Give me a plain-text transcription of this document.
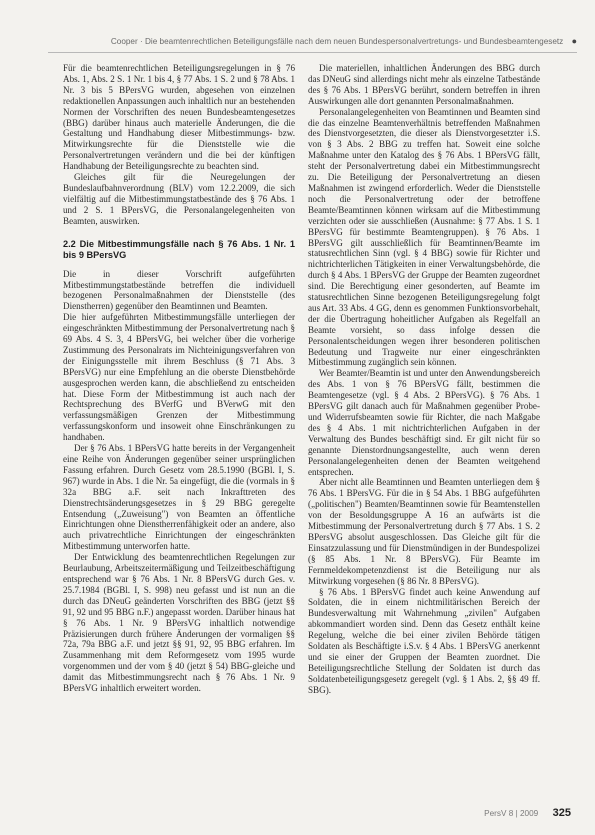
Cooper · Die beamtenrechtlichen Beteiligungsfälle nach dem neuen Bundespersonalvertretungs- und Bundesbeamtengesetz ●

Für die beamtenrechtlichen Beteiligungsregelungen in § 76 Abs. 1, Abs. 2 S. 1 Nr. 1 bis 4, § 77 Abs. 1 S. 2 und § 78 Abs. 1 Nr. 3 bis 5 BPersVG wurden, abgesehen von einzelnen redaktionellen Anpassungen auch inhaltlich nur an bestehenden Normen der Vorschriften des neuen Bundesbeamtengesetzes (BBG) darüber hinaus auch materielle Änderungen, die die Gestaltung und Handhabung dieser Mitbestimmungs- bzw. Mitwirkungsrechte für die Dienststelle wie die Personalvertretungen verändern und die bei der künftigen Handhabung der Beteiligungsrechte zu beachten sind.

Gleiches gilt für die Neuregelungen der Bundeslaufbahnverordnung (BLV) vom 12.2.2009, die sich vielfältig auf die Mitbestimmungstatbestände des § 76 Abs. 1 und 2 S. 1 BPersVG, die Personalangelegenheiten von Beamten, auswirken.

2.2 Die Mitbestimmungsfälle nach § 76 Abs. 1 Nr. 1 bis 9 BPersVG

Die in dieser Vorschrift aufgeführten Mitbestimmungstatbestände betreffen die individuell bezogenen Personalmaßnahmen der Dienststelle (des Dienstherren) gegenüber den Beamtinnen und Beamten.

Die hier aufgeführten Mitbestimmungsfälle unterliegen der eingeschränkten Mitbestimmung der Personalvertretung nach § 69 Abs. 4 S. 3, 4 BPersVG, bei welcher über die vorherige Zustimmung des Personalrats im Nichteinigungsverfahren von der Einigungsstelle mit ihrem Beschluss (§ 71 Abs. 3 BPersVG) nur eine Empfehlung an die oberste Dienstbehörde ausgesprochen werden kann, die abschließend zu entscheiden hat. Diese Form der Mitbestimmung ist auch nach der Rechtsprechung des BVerfG und BVerwG mit den verfassungsmäßigen Grenzen der Mitbestimmung verfassungskonform und insoweit ohne Einschränkungen zu handhaben.

Der § 76 Abs. 1 BPersVG hatte bereits in der Vergangenheit eine Reihe von Änderungen gegenüber seiner ursprünglichen Fassung erfahren. Durch Gesetz vom 28.5.1990 (BGBl. I, S. 967) wurde in Abs. 1 die Nr. 5a eingefügt, die die (vormals in § 32a BBG a.F. seit nach Inkrafttreten des Dienstrechtsänderungsgesetzes in § 29 BBG geregelte Entsendung („Zuweisung") von Beamten an öffentliche Einrichtungen ohne Dienstherrenfähigkeit oder an andere, also auch privatrechtliche Einrichtungen der eingeschränkten Mitbestimmung unterworfen hatte.

Der Entwicklung des beamtenrechtlichen Regelungen zur Beurlaubung, Arbeitszeitermäßigung und Teilzeitbeschäftigung entsprechend war § 76 Abs. 1 Nr. 8 BPersVG durch Ges. v. 25.7.1984 (BGBl. I, S. 998) neu gefasst und ist nun an die durch das DNeuG geänderten Vorschriften des BBG (jetzt §§ 91, 92 und 95 BBG n.F.) angepasst worden. Darüber hinaus hat § 76 Abs. 1 Nr. 9 BPersVG inhaltlich notwendige Präzisierungen durch frühere Änderungen der vormaligen §§ 72a, 79a BBG a.F. und jetzt §§ 91, 92, 95 BBG erfahren. Im Zusammenhang mit dem Reformgesetz vom 1995 wurde vorgenommen und der vom § 40 (jetzt § 54) BBG-gleiche und damit das Mitbestimmungsrecht nach § 76 Abs. 1 Nr. 9 BPersVG inhaltlich erweitert worden.

Die materiellen, inhaltlichen Änderungen des BBG durch das DNeuG sind allerdings nicht mehr als einzelne Tatbestände des § 76 Abs. 1 BPersVG berührt, sondern betreffen in ihren Auswirkungen alle dort genannten Personalmaßnahmen.

Personalangelegenheiten von Beamtinnen und Beamten sind die das einzelne Beamtenverhältnis betreffenden Maßnahmen des Dienstvorgesetzten, die dieser als Dienstvorgesetzter i.S. von § 3 Abs. 2 BBG zu treffen hat. Soweit eine solche Maßnahme unter den Katalog des § 76 Abs. 1 BPersVG fällt, steht der Personalvertretung dabei ein Mitbestimmungsrecht zu. Die Beteiligung der Personalvertretung an diesen Maßnahmen ist zwingend erforderlich. Weder die Dienststelle noch die Personalvertretung oder der betroffene Beamte/Beamtinnen können wirksam auf die Mitbestimmung verzichten oder sie ausschließen (Ausnahme: § 77 Abs. 1 S. 1 BPersVG für bestimmte Beamtengruppen). § 76 Abs. 1 BPersVG gilt ausschließlich für Beamtinnen/Beamte im statusrechtlichen Sinn (vgl. § 4 BBG) sowie für Richter und nichtrichterlichen Tätigkeiten in einer Verwaltungsbehörde, die durch § 4 Abs. 1 BPersVG der Gruppe der Beamten zugeordnet sind. Die Berechtigung einer gesonderten, auf Beamte im statusrechtlichen Sinne bezogenen Beteiligungsregelung folgt aus Art. 33 Abs. 4 GG, denn es genommen Funktionsvorbehalt, der die Übertragung hoheitlicher Aufgaben als Regelfall an Beamte vorsieht, so dass infolge dessen die Personalentscheidungen wegen ihrer besonderen politischen Bedeutung und Tragweite nur einer eingeschränkten Mitbestimmung zugänglich sein können.

Wer Beamter/Beamtin ist und unter den Anwendungsbereich des Abs. 1 von § 76 BPersVG fällt, bestimmen die Beamtengesetze (vgl. § 4 Abs. 2 BPersVG). § 76 Abs. 1 BPersVG gilt danach auch für Maßnahmen gegenüber Probe- und Widerrufsbeamten sowie für Richter, die nach Maßgabe des § 4 Abs. 1 mit nichtrichterlichen Aufgaben in der Verwaltung des Bundes beschäftigt sind. Er gilt nicht für so genannte Dienstordnungsangestellte, auch wenn deren Personalangelegenheiten denen der Beamten weitgehend entsprechen.

Aber nicht alle Beamtinnen und Beamten unterliegen dem § 76 Abs. 1 BPersVG. Für die in § 54 Abs. 1 BBG aufgeführten („politischen") Beamten/Beamtinnen sowie für Beamtenstellen von der Besoldungsgruppe A 16 an aufwärts ist die Mitbestimmung der Personalvertretung durch § 77 Abs. 1 S. 2 BPersVG absolut ausgeschlossen. Das Gleiche gilt für die Einsatzzulassung und für Dienstmündigen in der Bundespolizei (§ 85 Abs. 1 Nr. 8 BPersVG). Für Beamte im Fernmeldekompetenzdienst ist die Beteiligung nur als Mitwirkung vorgesehen (§ 86 Nr. 8 BPersVG).

§ 76 Abs. 1 BPersVG findet auch keine Anwendung auf Soldaten, die in einem nichtmilitärischen Bereich der Bundesverwaltung mit Wahrnehmung „zivilen" Aufgaben abkommandiert worden sind. Denn das Gesetz enthält keine Regelung, welche die bei einer zivilen Behörde tätigen Soldaten als Beschäftigte i.S.v. § 4 Abs. 1 BPersVG anerkennt und sie einer der Gruppen der Beamten zuordnet. Die Beteiligungsrechtliche Stellung der Soldaten ist durch das Soldatenbeteiligungsgesetz geregelt (vgl. § 1 Abs. 2, §§ 49 ff. SBG).

PersV 8 | 2009 325
